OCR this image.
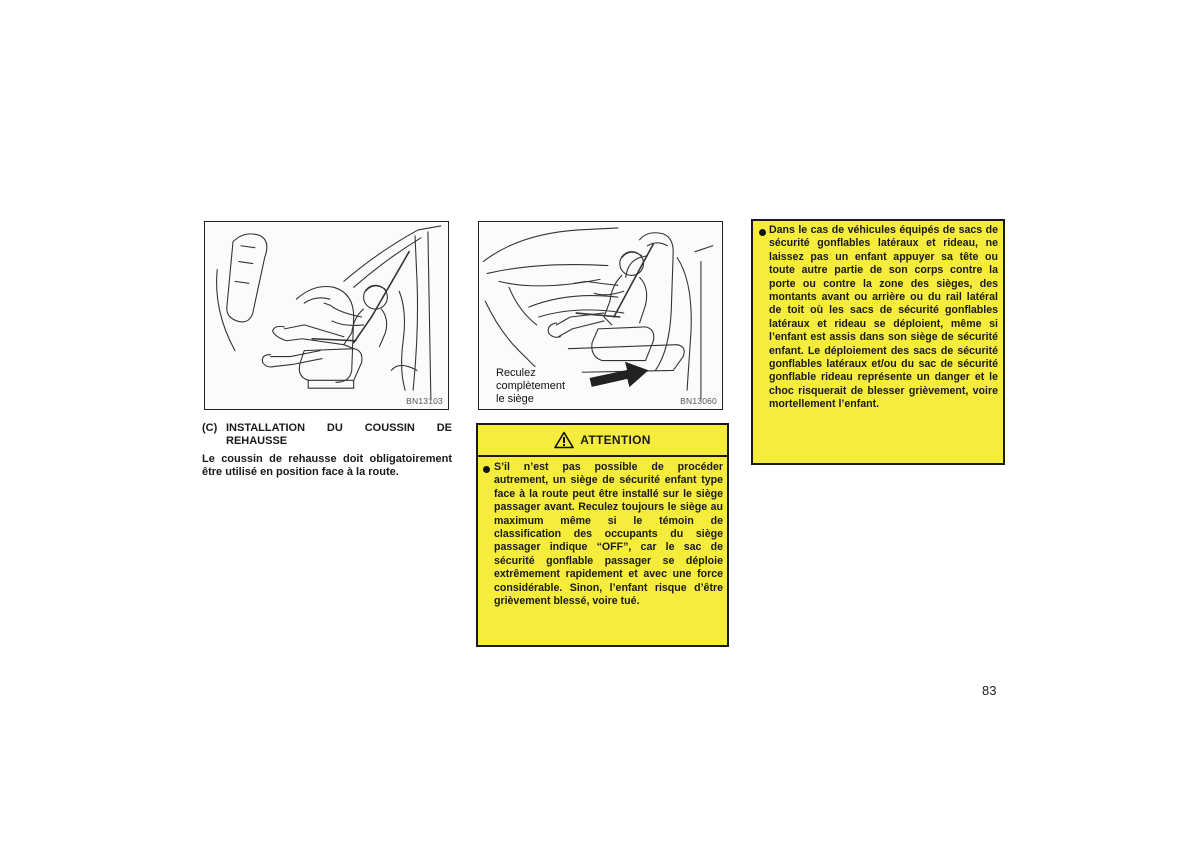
BN13103
Reculez
complètement
le siège	BN13060
(C) INSTALLATION DU COUSSIN DE
REHAUSSE
Le coussin de rehausse doit obligatoirement être utilisé en position face à la route.
ATTENTION
S’il n’est pas possible de procéder autrement, un siège de sécurité enfant type face à la route peut être installé sur le siège passager avant. Reculez toujours le siège au maximum même si le témoin de classification des occupants du siège passager indique “OFF”, car le sac de sécurité gonflable passager se déploie extrêmement rapidement et avec une force considérable. Sinon, l’enfant risque d’être grièvement blessé, voire tué.
Dans le cas de véhicules équipés de sacs de sécurité gonflables latéraux et rideau, ne laissez pas un enfant appuyer sa tête ou toute autre partie de son corps contre la porte ou contre la zone des sièges, des montants avant ou arrière ou du rail latéral de toit où les sacs de sécurité gonflables latéraux et rideau se déploient, même si l’enfant est assis dans son siège de sécurité enfant. Le déploiement des sacs de sécurité gonflables latéraux et/ou du sac de sécurité gonflable rideau représente un danger et le choc risquerait de blesser grièvement, voire mortellement l’enfant.
83
